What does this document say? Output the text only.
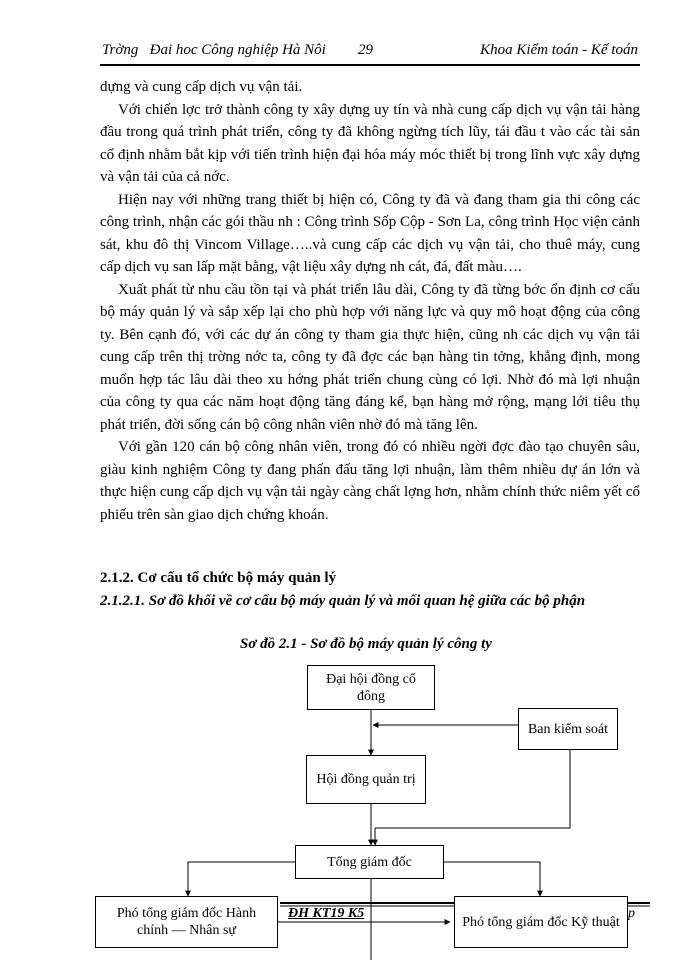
Trờng   Đai hoc Công nghiệp Hà Nôi 29	Khoa Kiểm toán - Kế toán

dựng và cung cấp dịch vụ vận tải.

Với chiến lợc trở thành công ty xây dựng uy tín và nhà cung cấp dịch vụ vận tải hàng đầu trong quá trình phát triển, công ty đã không ngừng tích lũy, tái đầu t vào các tài sản cố định nhằm bắt kịp với tiến trình hiện đại hóa máy móc thiết bị trong lĩnh vực xây dựng và vận tải của cả nớc.

Hiện nay với những trang thiết bị hiện có, Công ty đã và đang tham gia thi công các công trình, nhận các gói thầu nh : Công trình Sốp Cộp - Sơn La, công trình Học viện cảnh sát, khu đô thị Vincom Village…..và cung cấp các dịch vụ vận tải, cho thuê máy, cung cấp dịch vụ san lấp mặt bằng, vật liệu xây dựng nh cát, đá, đất màu….

Xuất phát từ nhu cầu tồn tại và phát triển lâu dài, Công ty đã từng bớc ổn định cơ cấu bộ máy quản lý và sắp xếp lại cho phù hợp với năng lực và quy mô hoạt động của công ty. Bên cạnh đó, với các dự án công ty tham gia thực hiện, cũng nh các dịch vụ vận tải cung cấp trên thị trờng nớc ta, công ty đã đợc các bạn hàng tin tởng, khẳng định, mong muốn hợp tác lâu dài theo xu hớng phát triển chung cùng có lợi. Nhờ đó mà lợi nhuận của công ty qua các năm hoạt động tăng đáng kể, bạn hàng mở rộng, mạng lới tiêu thụ phát triển, đời sống cán bộ công nhân viên nhờ đó mà tăng lên.

Với gần 120 cán bộ công nhân viên, trong đó có nhiều ngời đợc đào tạo chuyên sâu, giàu kinh nghiệm Công ty đang phấn đấu tăng lợi nhuận, làm thêm nhiều dự án lớn và thực hiện cung cấp dịch vụ vận tải ngày càng chất lợng hơn, nhằm chính thức niêm yết cổ phiếu trên sàn giao dịch chứng khoán.

2.1.2. Cơ cấu tổ chức bộ máy quản lý
2.1.2.1. Sơ đồ khối về cơ cấu bộ máy quản lý và mối quan hệ giữa các bộ phận
Sơ đồ 2.1 - Sơ đồ bộ máy quản lý công ty
Đại hội đồng cổ đông
Ban kiểm soát
Hội đồng quản trị
Tổng giám đốc
Phó tổng giám đốc Hành chính — Nhân sự
Phó tổng giám đốc Kỹ thuật
ĐH KT19 K5	p
